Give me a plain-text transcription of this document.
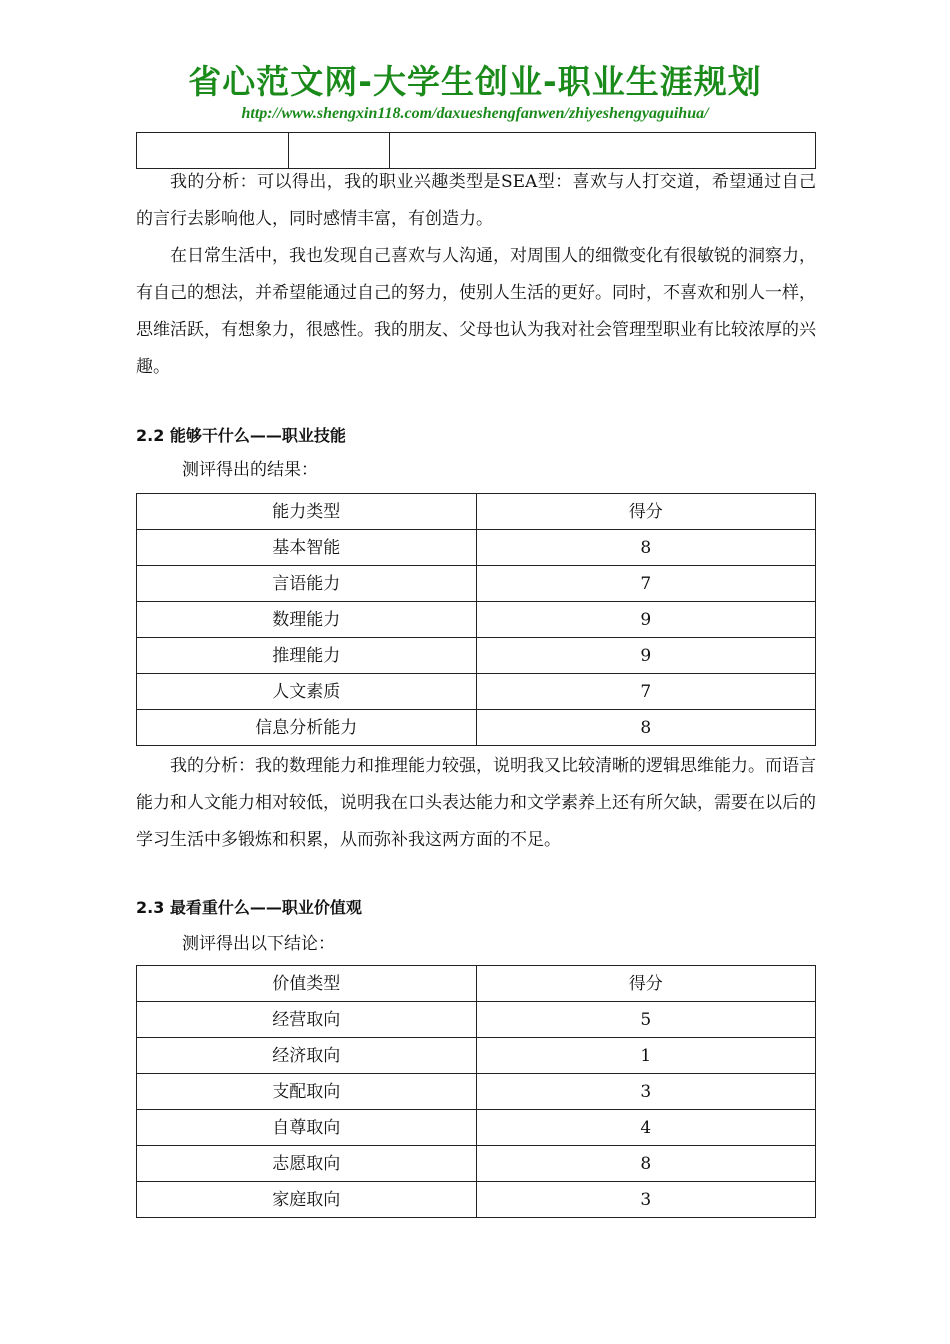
省心范文网-大学生创业-职业生涯规划
http://www.shengxin118.com/daxueshengfanwen/zhiyeshengyaguihua/

我的分析：可以得出，我的职业兴趣类型是SEA型：喜欢与人打交道，希望通过自己的言行去影响他人，同时感情丰富，有创造力。

在日常生活中，我也发现自己喜欢与人沟通，对周围人的细微变化有很敏锐的洞察力，有自己的想法，并希望能通过自己的努力，使别人生活的更好。同时，不喜欢和别人一样，思维活跃，有想象力，很感性。我的朋友、父母也认为我对社会管理型职业有比较浓厚的兴趣。

2.2 能够干什么——职业技能

测评得出的结果：

能力类型	得分
基本智能	8
言语能力	7
数理能力	9
推理能力	9
人文素质	7
信息分析能力	8

我的分析：我的数理能力和推理能力较强，说明我又比较清晰的逻辑思维能力。而语言能力和人文能力相对较低，说明我在口头表达能力和文学素养上还有所欠缺，需要在以后的学习生活中多锻炼和积累，从而弥补我这两方面的不足。

2.3 最看重什么——职业价值观

测评得出以下结论：

价值类型	得分
经营取向	5
经济取向	1
支配取向	3
自尊取向	4
志愿取向	8
家庭取向	3
